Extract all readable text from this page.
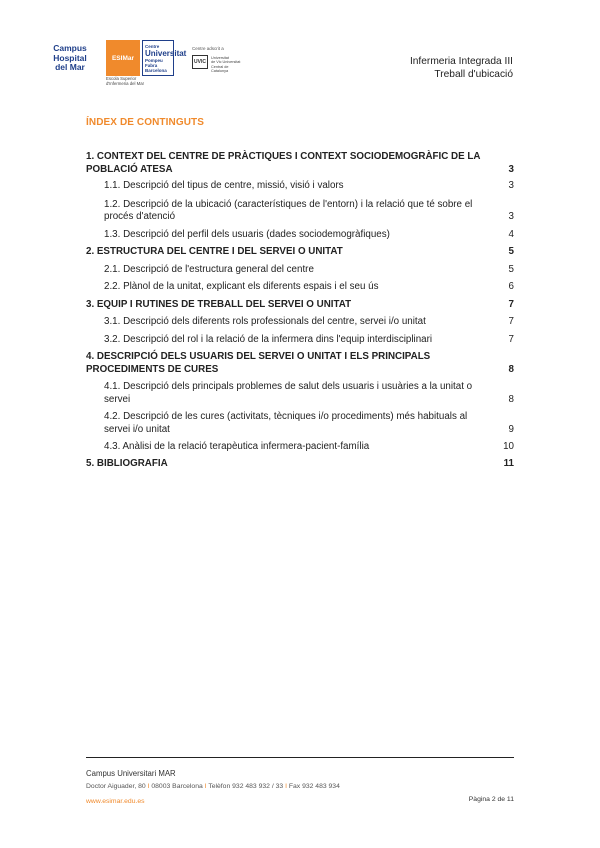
Campus
Hospital
del Mar
ESIMar
Centre
Universitat
Pompeu Fabra
Barcelona
Escola Superior
d'Infermeria del Mar
Centre adscrit a
UVIC
Universitat
de Vic Universitat
Central de Catalunya
Infermeria Integrada III
Treball d'ubicació
ÍNDEX DE CONTINGUTS
1. CONTEXT DEL CENTRE DE PRÀCTIQUES I CONTEXT SOCIODEMOGRÀFIC DE LA POBLACIÓ ATESA	3
1.1. Descripció del tipus de centre, missió, visió i valors	3
1.2. Descripció de la ubicació (característiques de l'entorn) i la relació que té sobre el procés d'atenció	3
1.3. Descripció del perfil dels usuaris (dades sociodemogràfiques)	4
2. ESTRUCTURA DEL CENTRE I DEL SERVEI O UNITAT	5
2.1. Descripció de l'estructura general del centre	5
2.2. Plànol de la unitat, explicant els diferents espais i el seu ús	6
3. EQUIP I RUTINES DE TREBALL DEL SERVEI O UNITAT	7
3.1. Descripció dels diferents rols professionals del centre, servei i/o unitat	7
3.2. Descripció del rol i la relació de la infermera dins l'equip interdisciplinari	7
4. DESCRIPCIÓ DELS USUARIS DEL SERVEI O UNITAT I ELS PRINCIPALS PROCEDIMENTS DE CURES	8
4.1. Descripció dels principals problemes de salut dels usuaris i usuàries a la unitat o servei	8
4.2. Descripció de les cures (activitats, tècniques i/o procediments) més habituals al servei i/o unitat	9
4.3. Anàlisi de la relació terapèutica infermera-pacient-família	10
5. BIBLIOGRAFIA	11
Campus Universitari MAR
Doctor Aiguader, 80 I 08003 Barcelona I Telèfon 932 483 932 / 33 I Fax 932 483 934
www.esimar.edu.es	Pàgina 2 de 11
